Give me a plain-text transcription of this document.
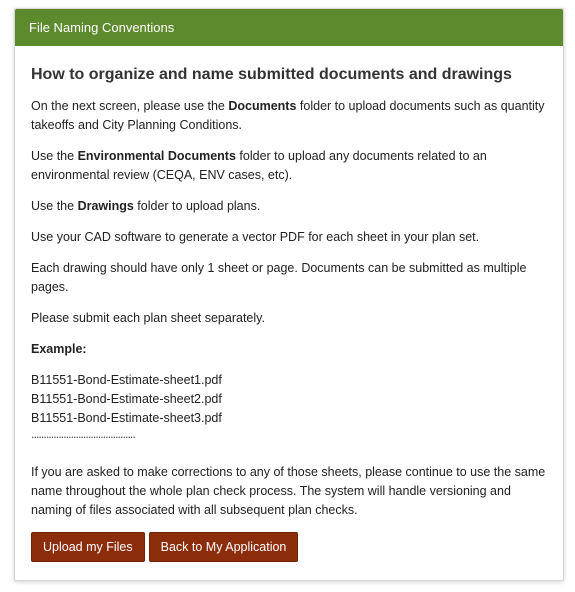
File Naming Conventions
How to organize and name submitted documents and drawings

On the next screen, please use the Documents folder to upload documents such as quantity takeoffs and City Planning Conditions.

Use the Environmental Documents folder to upload any documents related to an environmental review (CEQA, ENV cases, etc).

Use the Drawings folder to upload plans.

Use your CAD software to generate a vector PDF for each sheet in your plan set.

Each drawing should have only 1 sheet or page. Documents can be submitted as multiple pages.

Please submit each plan sheet separately.

Example:

B11551-Bond-Estimate-sheet1.pdf
B11551-Bond-Estimate-sheet2.pdf
B11551-Bond-Estimate-sheet3.pdf
..........................................

If you are asked to make corrections to any of those sheets, please continue to use the same name throughout the whole plan check process. The system will handle versioning and naming of files associated with all subsequent plan checks.

Upload my Files	Back to My Application
